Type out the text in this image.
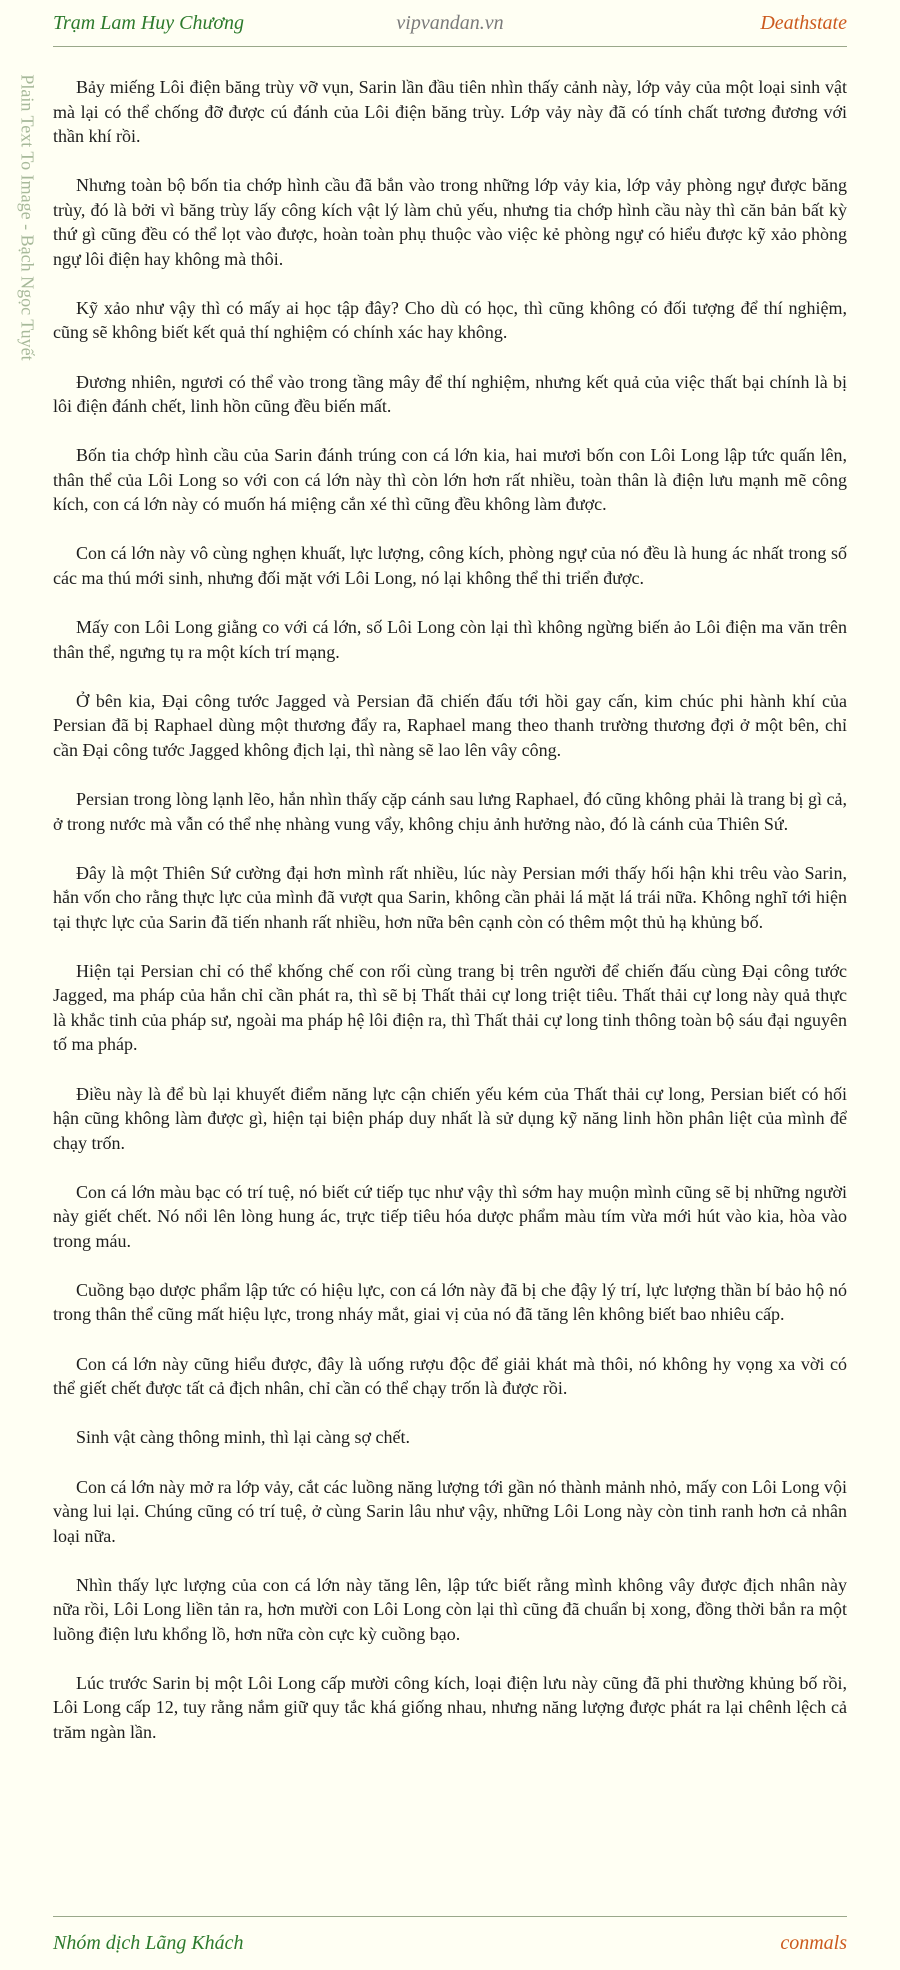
vipvandan.vn
Trạm Lam Huy Chương	Deathstate
Plain Text To Image - Bạch Ngọc Tuyết	Bảy miếng Lôi điện băng trùy vỡ vụn, Sarin lần đầu tiên nhìn thấy cảnh này, lớp vảy của một loại sinh vật mà lại có thể chống đỡ được cú đánh của Lôi điện băng trùy. Lớp vảy này đã có tính chất tương đương với thần khí rồi.

Nhưng toàn bộ bốn tia chớp hình cầu đã bắn vào trong những lớp vảy kia, lớp vảy phòng ngự được băng trùy, đó là bởi vì băng trùy lấy công kích vật lý làm chủ yếu, nhưng tia chớp hình cầu này thì căn bản bất kỳ thứ gì cũng đều có thể lọt vào được, hoàn toàn phụ thuộc vào việc kẻ phòng ngự có hiểu được kỹ xảo phòng ngự lôi điện hay không mà thôi.

Kỹ xảo như vậy thì có mấy ai học tập đây? Cho dù có học, thì cũng không có đối tượng để thí nghiệm, cũng sẽ không biết kết quả thí nghiệm có chính xác hay không.

Đương nhiên, ngươi có thể vào trong tầng mây để thí nghiệm, nhưng kết quả của việc thất bại chính là bị lôi điện đánh chết, linh hồn cũng đều biến mất.

Bốn tia chớp hình cầu của Sarin đánh trúng con cá lớn kia, hai mươi bốn con Lôi Long lập tức quấn lên, thân thể của Lôi Long so với con cá lớn này thì còn lớn hơn rất nhiều, toàn thân là điện lưu mạnh mẽ công kích, con cá lớn này có muốn há miệng cắn xé thì cũng đều không làm được.

Con cá lớn này vô cùng nghẹn khuất, lực lượng, công kích, phòng ngự của nó đều là hung ác nhất trong số các ma thú mới sinh, nhưng đối mặt với Lôi Long, nó lại không thể thi triển được.

Mấy con Lôi Long giằng co với cá lớn, số Lôi Long còn lại thì không ngừng biến ảo Lôi điện ma văn trên thân thể, ngưng tụ ra một kích trí mạng.

Ở bên kia, Đại công tước Jagged và Persian đã chiến đấu tới hồi gay cấn, kim chúc phi hành khí của Persian đã bị Raphael dùng một thương đẩy ra, Raphael mang theo thanh trường thương đợi ở một bên, chỉ cần Đại công tước Jagged không địch lại, thì nàng sẽ lao lên vây công.

Persian trong lòng lạnh lẽo, hắn nhìn thấy cặp cánh sau lưng Raphael, đó cũng không phải là trang bị gì cả, ở trong nước mà vẫn có thể nhẹ nhàng vung vẩy, không chịu ảnh hưởng nào, đó là cánh của Thiên Sứ.

Đây là một Thiên Sứ cường đại hơn mình rất nhiều, lúc này Persian mới thấy hối hận khi trêu vào Sarin, hắn vốn cho rằng thực lực của mình đã vượt qua Sarin, không cần phải lá mặt lá trái nữa. Không nghĩ tới hiện tại thực lực của Sarin đã tiến nhanh rất nhiều, hơn nữa bên cạnh còn có thêm một thủ hạ khủng bố.

Hiện tại Persian chỉ có thể khống chế con rối cùng trang bị trên người để chiến đấu cùng Đại công tước Jagged, ma pháp của hắn chỉ cần phát ra, thì sẽ bị Thất thải cự long triệt tiêu. Thất thải cự long này quả thực là khắc tinh của pháp sư, ngoài ma pháp hệ lôi điện ra, thì Thất thải cự long tinh thông toàn bộ sáu đại nguyên tố ma pháp.

Điều này là để bù lại khuyết điểm năng lực cận chiến yếu kém của Thất thải cự long, Persian biết có hối hận cũng không làm được gì, hiện tại biện pháp duy nhất là sử dụng kỹ năng linh hồn phân liệt của mình để chạy trốn.

Con cá lớn màu bạc có trí tuệ, nó biết cứ tiếp tục như vậy thì sớm hay muộn mình cũng sẽ bị những người này giết chết. Nó nổi lên lòng hung ác, trực tiếp tiêu hóa dược phẩm màu tím vừa mới hút vào kia, hòa vào trong máu.

Cuồng bạo dược phẩm lập tức có hiệu lực, con cá lớn này đã bị che đậy lý trí, lực lượng thần bí bảo hộ nó trong thân thể cũng mất hiệu lực, trong nháy mắt, giai vị của nó đã tăng lên không biết bao nhiêu cấp.

Con cá lớn này cũng hiểu được, đây là uống rượu độc để giải khát mà thôi, nó không hy vọng xa vời có thể giết chết được tất cả địch nhân, chỉ cần có thể chạy trốn là được rồi.

Sinh vật càng thông minh, thì lại càng sợ chết.

Con cá lớn này mở ra lớp vảy, cắt các luồng năng lượng tới gần nó thành mảnh nhỏ, mấy con Lôi Long vội vàng lui lại. Chúng cũng có trí tuệ, ở cùng Sarin lâu như vậy, những Lôi Long này còn tinh ranh hơn cả nhân loại nữa.

Nhìn thấy lực lượng của con cá lớn này tăng lên, lập tức biết rằng mình không vây được địch nhân này nữa rồi, Lôi Long liền tản ra, hơn mười con Lôi Long còn lại thì cũng đã chuẩn bị xong, đồng thời bắn ra một luồng điện lưu khổng lồ, hơn nữa còn cực kỳ cuồng bạo.

Lúc trước Sarin bị một Lôi Long cấp mười công kích, loại điện lưu này cũng đã phi thường khủng bố rồi, Lôi Long cấp 12, tuy rằng nắm giữ quy tắc khá giống nhau, nhưng năng lượng được phát ra lại chênh lệch cả trăm ngàn lần.

Nhóm dịch Lãng Khách	conmals
